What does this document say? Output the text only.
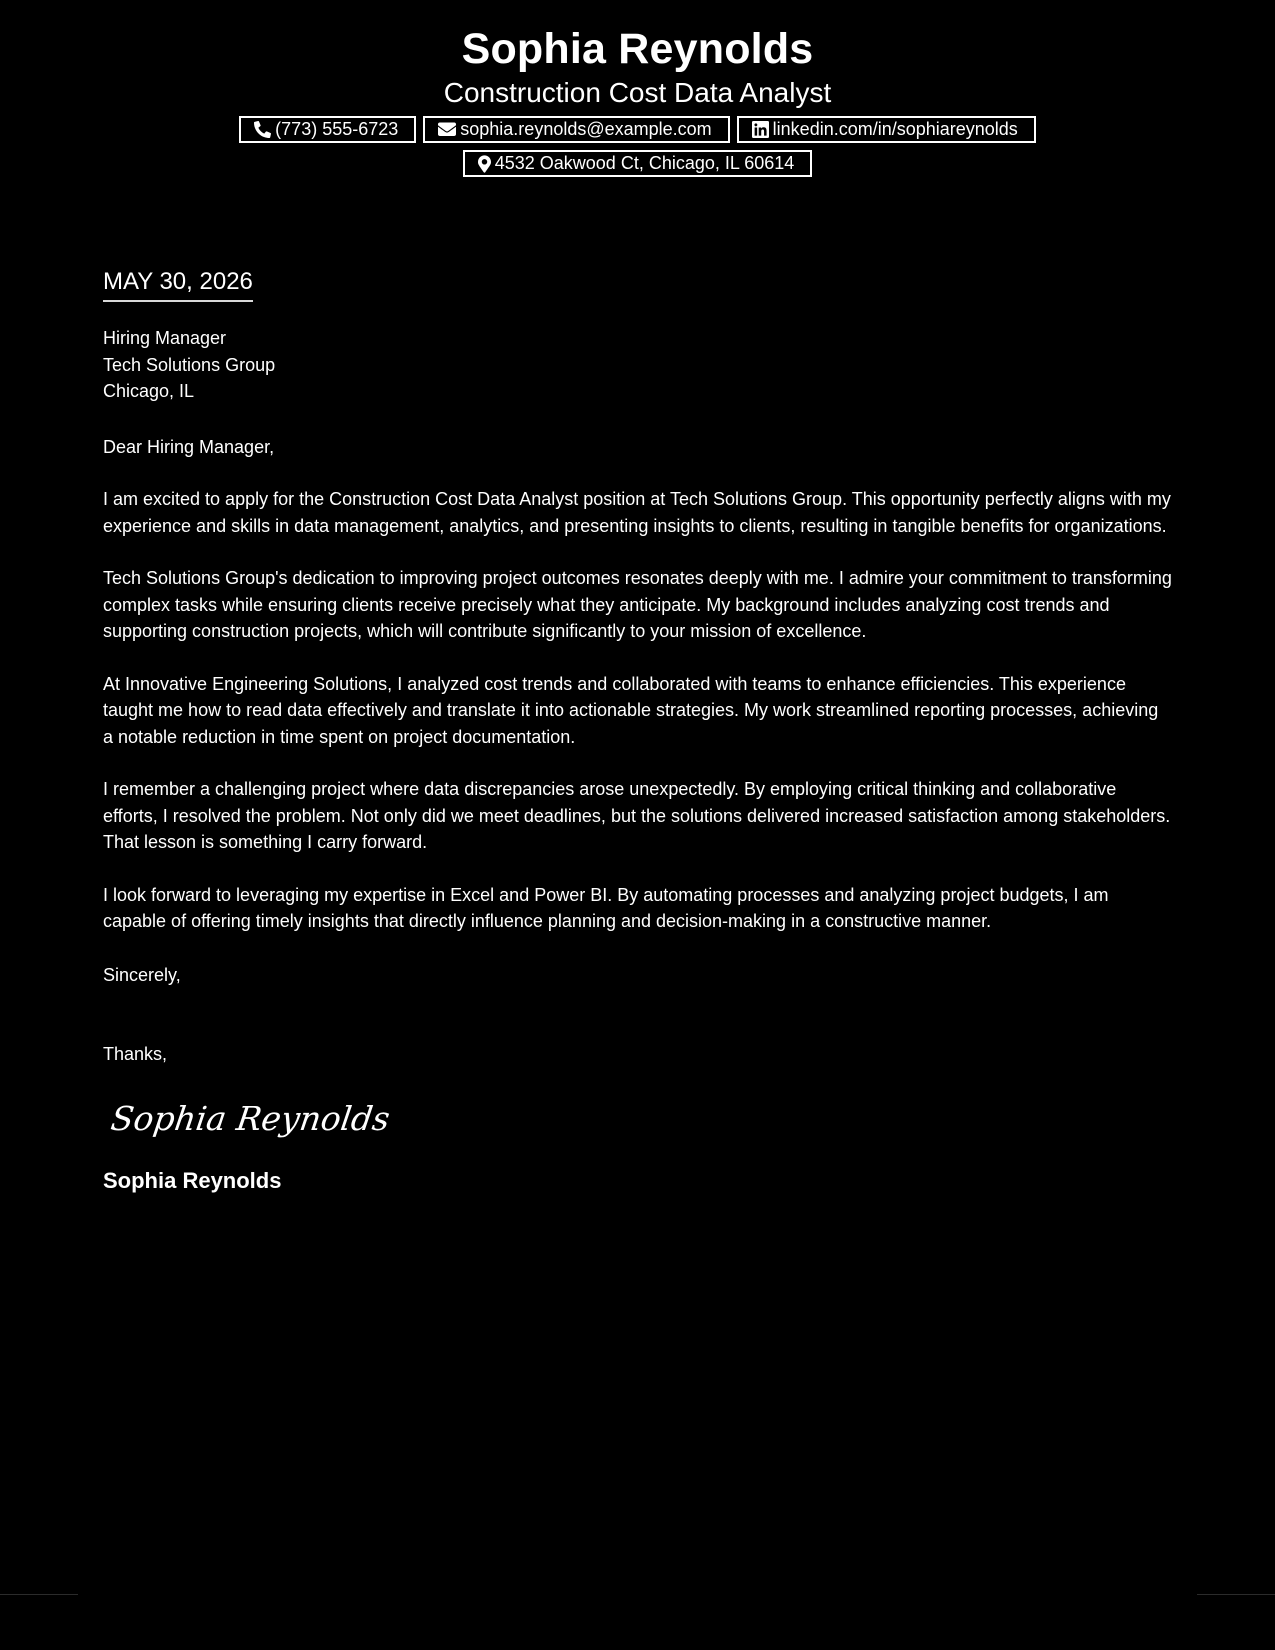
Sophia Reynolds
Construction Cost Data Analyst
(773) 555-6723	sophia.reynolds@example.com	linkedin.com/in/sophiareynolds
4532 Oakwood Ct, Chicago, IL 60614
MAY 30, 2026
Hiring Manager
Tech Solutions Group
Chicago, IL
Dear Hiring Manager,

I am excited to apply for the Construction Cost Data Analyst position at Tech Solutions Group. This opportunity perfectly aligns with my experience and skills in data management, analytics, and presenting insights to clients, resulting in tangible benefits for organizations.

Tech Solutions Group's dedication to improving project outcomes resonates deeply with me. I admire your commitment to transforming complex tasks while ensuring clients receive precisely what they anticipate. My background includes analyzing cost trends and supporting construction projects, which will contribute significantly to your mission of excellence.

At Innovative Engineering Solutions, I analyzed cost trends and collaborated with teams to enhance efficiencies. This experience taught me how to read data effectively and translate it into actionable strategies. My work streamlined reporting processes, achieving a notable reduction in time spent on project documentation.

I remember a challenging project where data discrepancies arose unexpectedly. By employing critical thinking and collaborative efforts, I resolved the problem. Not only did we meet deadlines, but the solutions delivered increased satisfaction among stakeholders. That lesson is something I carry forward.

I look forward to leveraging my expertise in Excel and Power BI. By automating processes and analyzing project budgets, I am capable of offering timely insights that directly influence planning and decision-making in a constructive manner.

Sincerely,
Thanks,
Sophia Reynolds
Sophia Reynolds
